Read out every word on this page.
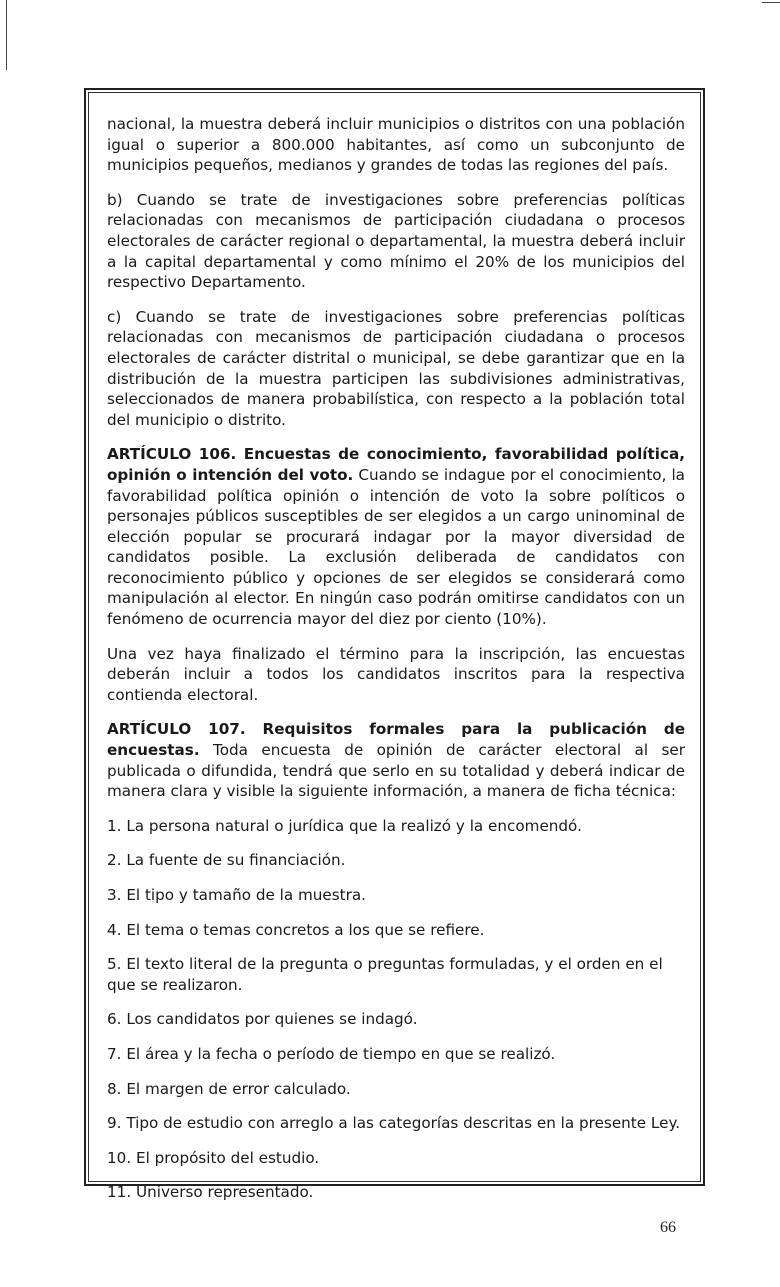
nacional, la muestra deberá incluir municipios o distritos con una población igual o superior a 800.000 habitantes, así como un subconjunto de municipios pequeños, medianos y grandes de todas las regiones del país.

b) Cuando se trate de investigaciones sobre preferencias políticas relacionadas con mecanismos de participación ciudadana o procesos electorales de carácter regional o departamental, la muestra deberá incluir a la capital departamental y como mínimo el 20% de los municipios del respectivo Departamento.

c) Cuando se trate de investigaciones sobre preferencias políticas relacionadas con mecanismos de participación ciudadana o procesos electorales de carácter distrital o municipal, se debe garantizar que en la distribución de la muestra participen las subdivisiones administrativas, seleccionados de manera probabilística, con respecto a la población total del municipio o distrito.

ARTÍCULO 106. Encuestas de conocimiento, favorabilidad política, opinión o intención del voto. Cuando se indague por el conocimiento, la favorabilidad política opinión o intención de voto la sobre políticos o personajes públicos susceptibles de ser elegidos a un cargo uninominal de elección popular se procurará indagar por la mayor diversidad de candidatos posible. La exclusión deliberada de candidatos con reconocimiento público y opciones de ser elegidos se considerará como manipulación al elector. En ningún caso podrán omitirse candidatos con un fenómeno de ocurrencia mayor del diez por ciento (10%).

Una vez haya finalizado el término para la inscripción, las encuestas deberán incluir a todos los candidatos inscritos para la respectiva contienda electoral.

ARTÍCULO 107. Requisitos formales para la publicación de encuestas. Toda encuesta de opinión de carácter electoral al ser publicada o difundida, tendrá que serlo en su totalidad y deberá indicar de manera clara y visible la siguiente información, a manera de ficha técnica:

1. La persona natural o jurídica que la realizó y la encomendó.
2. La fuente de su financiación.
3. El tipo y tamaño de la muestra.
4. El tema o temas concretos a los que se refiere.
5. El texto literal de la pregunta o preguntas formuladas, y el orden en el que se realizaron.
6. Los candidatos por quienes se indagó.
7. El área y la fecha o período de tiempo en que se realizó.
8. El margen de error calculado.
9. Tipo de estudio con arreglo a las categorías descritas en la presente Ley.
10. El propósito del estudio.
11. Universo representado.
66
